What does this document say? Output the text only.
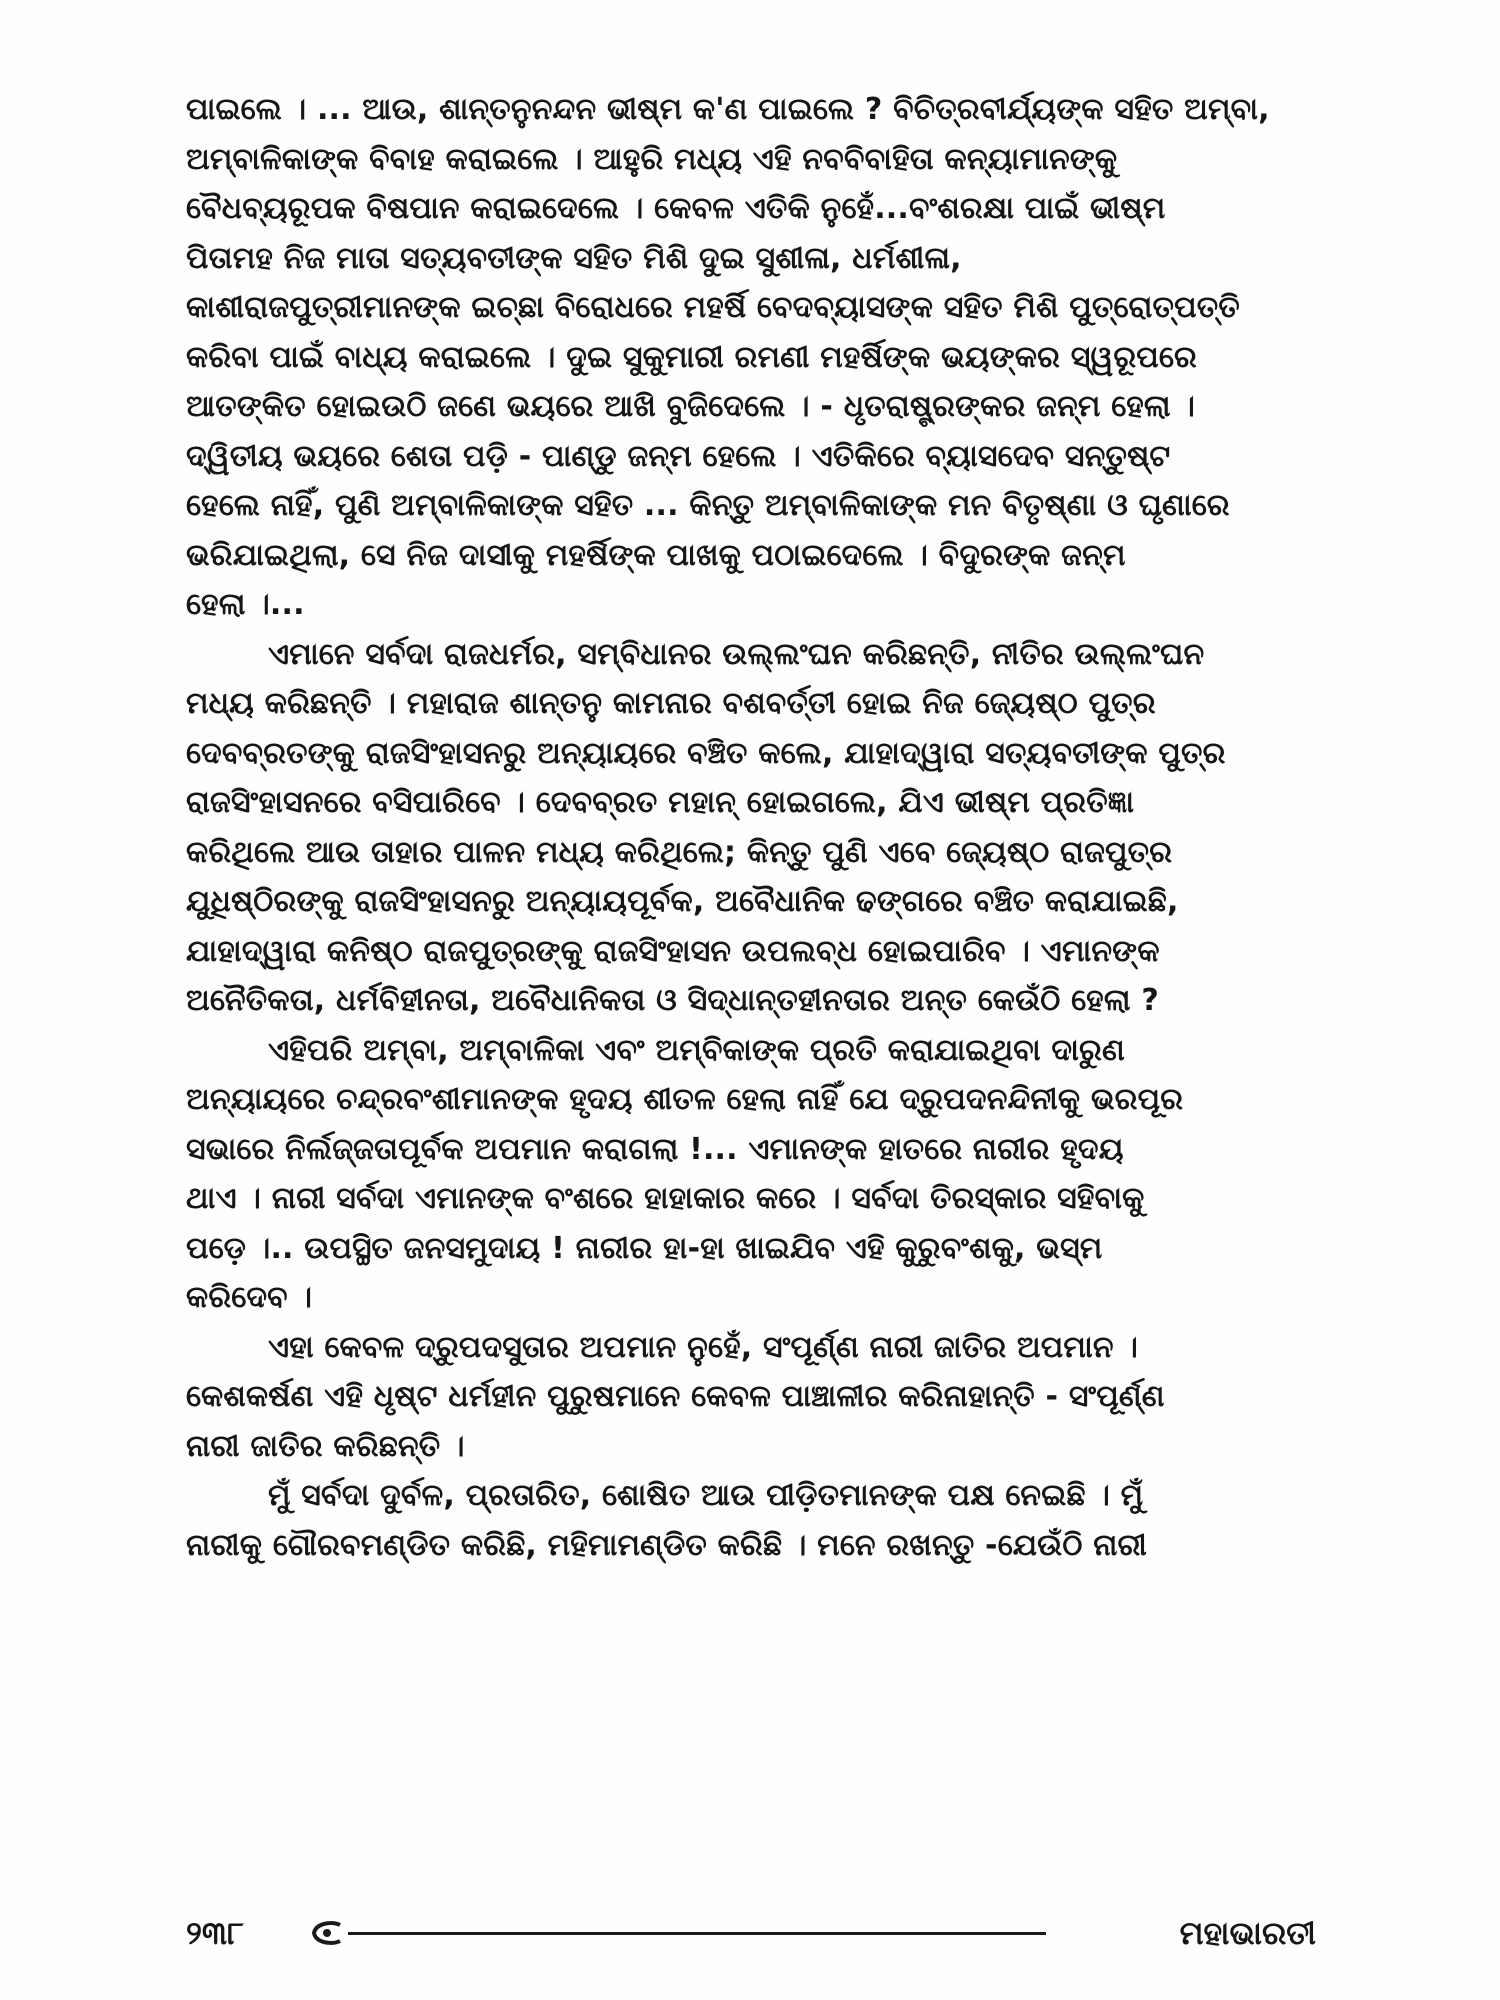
ପାଇଲେ । ... ଆଉ, ଶାନ୍ତନୁନନ୍ଦନ ଭୀଷ୍ମ କ'ଣ ପାଇଲେ ? ବିଚିତ୍ରବୀର୍ଯ୍ୟଙ୍କ ସହିତ ଅମ୍ବା,
ଅମ୍ବାଳିକାଙ୍କ ବିବାହ କରାଇଲେ । ଆହୁରି ମଧ୍ୟ ଏହି ନବବିବାହିତା କନ୍ୟାମାନଙ୍କୁ
ବୈଧବ୍ୟରୂପକ ବିଷପାନ କରାଇଦେଲେ । କେବଳ ଏତିକି ନୁହେଁ...ବଂଶରକ୍ଷା ପାଇଁ ଭୀଷ୍ମ
ପିତାମହ ନିଜ ମାତା ସତ୍ୟବତୀଙ୍କ ସହିତ ମିଶି ଦୁଇ ସୁଶୀଳା, ଧର୍ମଶୀଳା,
କାଶୀରାଜପୁତ୍ରୀମାନଙ୍କ ଇଚ୍ଛା ବିରୋଧରେ ମହର୍ଷି ବେଦବ୍ୟାସଙ୍କ ସହିତ ମିଶି ପୁତ୍ରୋତ୍ପତ୍ତି
କରିବା ପାଇଁ ବାଧ୍ୟ କରାଇଲେ । ଦୁଇ ସୁକୁମାରୀ ରମଣୀ ମହର୍ଷିଙ୍କ ଭୟଙ୍କର ସ୍ୱରୂପରେ
ଆତଙ୍କିତ ହୋଇଉଠି ଜଣେ ଭୟରେ ଆଖି ବୁଜିଦେଲେ । - ଧୃତରାଷ୍ଟ୍ରଙ୍କର ଜନ୍ମ ହେଲା ।
ଦ୍ୱିତୀୟ ଭୟରେ ଶେତା ପଡ଼ି - ପାଣ୍ଡୁ ଜନ୍ମ ହେଲେ । ଏତିକିରେ ବ୍ୟାସଦେବ ସନ୍ତୁଷ୍ଟ
ହେଲେ ନାହିଁ, ପୁଣି ଅମ୍ବାଳିକାଙ୍କ ସହିତ ... କିନ୍ତୁ ଅମ୍ବାଳିକାଙ୍କ ମନ ବିତୃଷ୍ଣା ଓ ଘୃଣାରେ
ଭରିଯାଇଥିଲା, ସେ ନିଜ ଦାସୀକୁ ମହର୍ଷିଙ୍କ ପାଖକୁ ପଠାଇଦେଲେ । ବିଦୁରଙ୍କ ଜନ୍ମ
ହେଲା ।...
ଏମାନେ ସର୍ବଦା ରାଜଧର୍ମର, ସମ୍ବିଧାନର ଉଲ୍ଲଂଘନ କରିଛନ୍ତି, ନୀତିର ଉଲ୍ଲଂଘନ
ମଧ୍ୟ କରିଛନ୍ତି । ମହାରାଜ ଶାନ୍ତନୁ କାମନାର ବଶବର୍ତ୍ତୀ ହୋଇ ନିଜ ଜ୍ୟେଷ୍ଠ ପୁତ୍ର
ଦେବବ୍ରତଙ୍କୁ ରାଜସିଂହାସନରୁ ଅନ୍ୟାୟରେ ବଞ୍ଚିତ କଲେ, ଯାହାଦ୍ୱାରା ସତ୍ୟବତୀଙ୍କ ପୁତ୍ର
ରାଜସିଂହାସନରେ ବସିପାରିବେ । ଦେବବ୍ରତ ମହାନ୍ ହୋଇଗଲେ, ଯିଏ ଭୀଷ୍ମ ପ୍ରତିଜ୍ଞା
କରିଥିଲେ ଆଉ ତାହାର ପାଳନ ମଧ୍ୟ କରିଥିଲେ; କିନ୍ତୁ ପୁଣି ଏବେ ଜ୍ୟେଷ୍ଠ ରାଜପୁତ୍ର
ଯୁଧିଷ୍ଠିରଙ୍କୁ ରାଜସିଂହାସନରୁ ଅନ୍ୟାୟପୂର୍ବକ, ଅବୈଧାନିକ ଢଙ୍ଗରେ ବଞ୍ଚିତ କରାଯାଇଛି,
ଯାହାଦ୍ୱାରା କନିଷ୍ଠ ରାଜପୁତ୍ରଙ୍କୁ ରାଜସିଂହାସନ ଉପଲବ୍ଧ ହୋଇପାରିବ । ଏମାନଙ୍କ
ଅନୈତିକତା, ଧର୍ମବିହୀନତା, ଅବୈଧାନିକତା ଓ ସିଦ୍ଧାନ୍ତହୀନତାର ଅନ୍ତ କେଉଁଠି ହେଲା ?
ଏହିପରି ଅମ୍ବା, ଅମ୍ବାଳିକା ଏବଂ ଅମ୍ବିକାଙ୍କ ପ୍ରତି କରାଯାଇଥିବା ଦାରୁଣ
ଅନ୍ୟାୟରେ ଚନ୍ଦ୍ରବଂଶୀମାନଙ୍କ ହୃଦୟ ଶୀତଳ ହେଲା ନାହିଁ ଯେ ଦ୍ରୁପଦନନ୍ଦିନୀକୁ ଭରପୂର
ସଭାରେ ନିର୍ଲଜ୍ଜତାପୂର୍ବକ ଅପମାନ କରାଗଲା !... ଏମାନଙ୍କ ହାତରେ ନାରୀର ହୃଦୟ
ଥାଏ । ନାରୀ ସର୍ବଦା ଏମାନଙ୍କ ବଂଶରେ ହାହାକାର କରେ । ସର୍ବଦା ତିରସ୍କାର ସହିବାକୁ
ପଡ଼େ ।.. ଉପସ୍ଥିତ ଜନସମୁଦାୟ ! ନାରୀର ହା-ହା ଖାଇଯିବ ଏହି କୁରୁବଂଶକୁ, ଭସ୍ମ
କରିଦେବ ।
ଏହା କେବଳ ଦ୍ରୁପଦସୁତାର ଅପମାନ ନୁହେଁ, ସଂପୂର୍ଣ୍ଣ ନାରୀ ଜାତିର ଅପମାନ ।
କେଶକର୍ଷଣ ଏହି ଧୃଷ୍ଟ ଧର୍ମହୀନ ପୁରୁଷମାନେ କେବଳ ପାଞ୍ଚାଳୀର କରିନାହାନ୍ତି - ସଂପୂର୍ଣ୍ଣ
ନାରୀ ଜାତିର କରିଛନ୍ତି ।
ମୁଁ ସର୍ବଦା ଦୁର୍ବଳ, ପ୍ରତାରିତ, ଶୋଷିତ ଆଉ ପୀଡ଼ିତମାନଙ୍କ ପକ୍ଷ ନେଇଛି । ମୁଁ
ନାରୀକୁ ଗୌରବମଣ୍ଡିତ କରିଛି, ମହିମାମଣ୍ଡିତ କରିଛି । ମନେ ରଖନ୍ତୁ -ଯେଉଁଠି ନାରୀ
୨୩୮	ମହାଭାରତୀ
